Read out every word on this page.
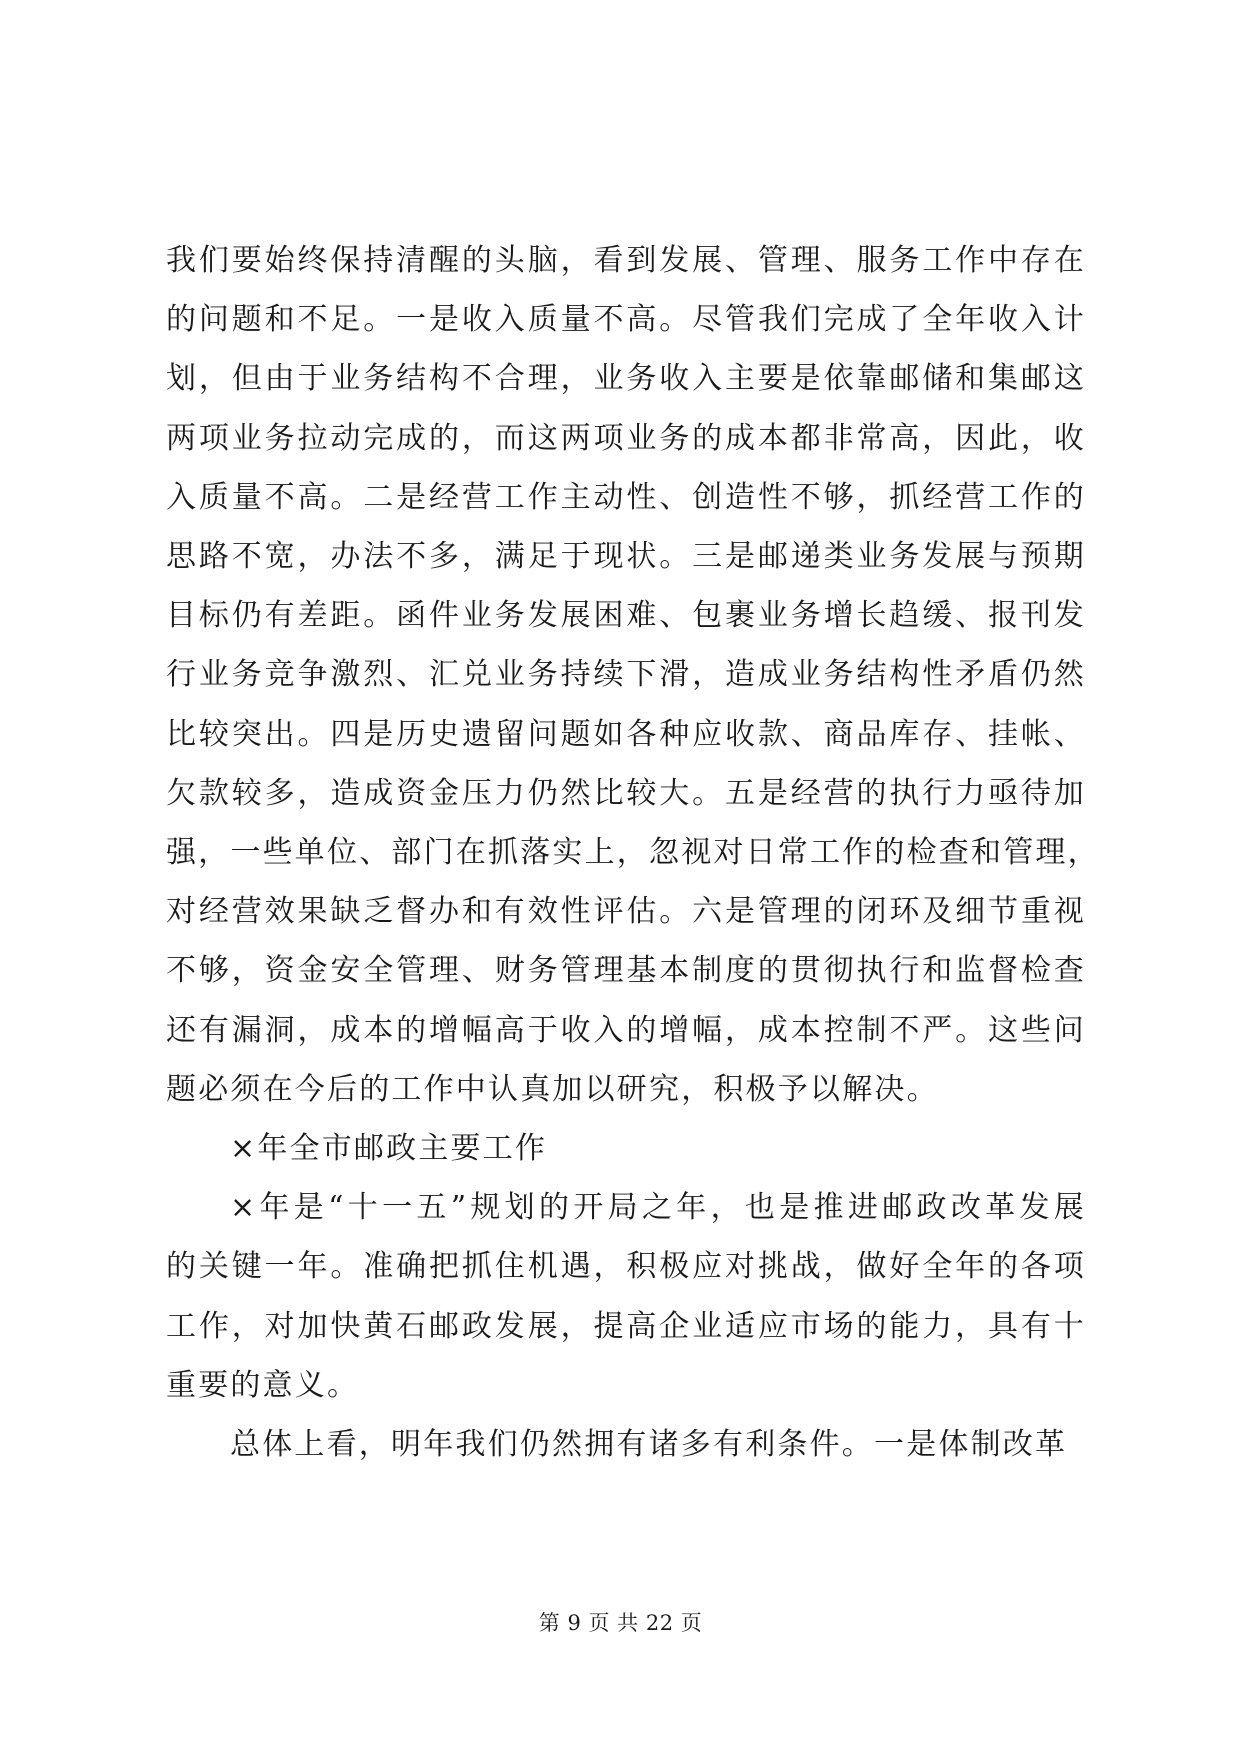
我们要始终保持清醒的头脑，看到发展、管理、服务工作中存在
的问题和不足。一是收入质量不高。尽管我们完成了全年收入计
划，但由于业务结构不合理，业务收入主要是依靠邮储和集邮这
两项业务拉动完成的，而这两项业务的成本都非常高，因此，收
入质量不高。二是经营工作主动性、创造性不够，抓经营工作的
思路不宽，办法不多，满足于现状。三是邮递类业务发展与预期
目标仍有差距。函件业务发展困难、包裹业务增长趋缓、报刊发
行业务竞争激烈、汇兑业务持续下滑，造成业务结构性矛盾仍然
比较突出。四是历史遗留问题如各种应收款、商品库存、挂帐、
欠款较多，造成资金压力仍然比较大。五是经营的执行力亟待加
强，一些单位、部门在抓落实上，忽视对日常工作的检查和管理，
对经营效果缺乏督办和有效性评估。六是管理的闭环及细节重视
不够，资金安全管理、财务管理基本制度的贯彻执行和监督检查
还有漏洞，成本的增幅高于收入的增幅，成本控制不严。这些问
题必须在今后的工作中认真加以研究，积极予以解决。
×年全市邮政主要工作
×年是“十一五”规划的开局之年，也是推进邮政改革发展
的关键一年。准确把抓住机遇，积极应对挑战，做好全年的各项
工作，对加快黄石邮政发展，提高企业适应市场的能力，具有十
重要的意义。
总体上看，明年我们仍然拥有诸多有利条件。一是体制改革
第 9 页 共 22 页
